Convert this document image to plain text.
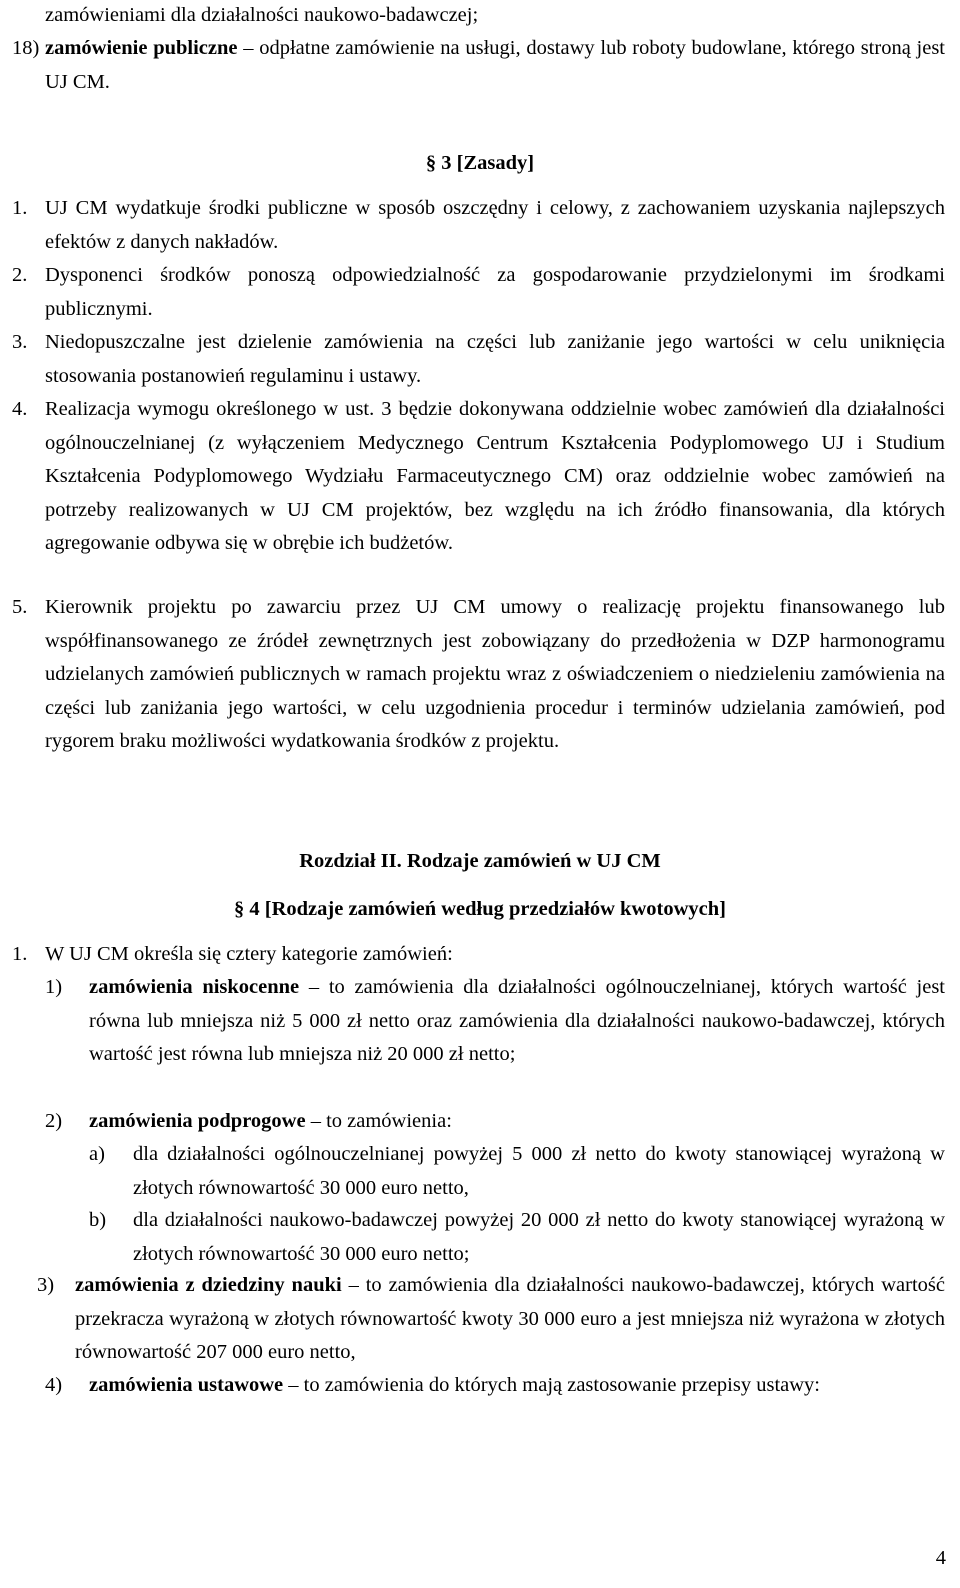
zamówieniami dla działalności naukowo-badawczej;
18) zamówienie publiczne – odpłatne zamówienie na usługi, dostawy lub roboty budowlane, którego stroną jest UJ CM.
§ 3 [Zasady]
1. UJ CM wydatkuje środki publiczne w sposób oszczędny i celowy, z zachowaniem uzyskania najlepszych efektów z danych nakładów.
2. Dysponenci środków ponoszą odpowiedzialność za gospodarowanie przydzielonymi im środkami publicznymi.
3. Niedopuszczalne jest dzielenie zamówienia na części lub zaniżanie jego wartości w celu uniknięcia stosowania postanowień regulaminu i ustawy.
4. Realizacja wymogu określonego w ust. 3 będzie dokonywana oddzielnie wobec zamówień dla działalności ogólnouczelnianej (z wyłączeniem Medycznego Centrum Kształcenia Podyplomowego UJ i Studium Kształcenia Podyplomowego Wydziału Farmaceutycznego CM) oraz oddzielnie wobec zamówień na potrzeby realizowanych w UJ CM projektów, bez względu na ich źródło finansowania, dla których agregowanie odbywa się w obrębie ich budżetów.
5. Kierownik projektu po zawarciu przez UJ CM umowy o realizację projektu finansowanego lub współfinansowanego ze źródeł zewnętrznych jest zobowiązany do przedłożenia w DZP harmonogramu udzielanych zamówień publicznych w ramach projektu wraz z oświadczeniem o niedzieleniu zamówienia na części lub zaniżania jego wartości, w celu uzgodnienia procedur i terminów udzielania zamówień, pod rygorem braku możliwości wydatkowania środków z projektu.
Rozdział II. Rodzaje zamówień w UJ CM
§ 4 [Rodzaje zamówień według przedziałów kwotowych]
1. W UJ CM określa się cztery kategorie zamówień:
1) zamówienia niskocenne – to zamówienia dla działalności ogólnouczelnianej, których wartość jest równa lub mniejsza niż 5 000 zł netto oraz zamówienia dla działalności naukowo-badawczej, których wartość jest równa lub mniejsza niż 20 000 zł netto;
2) zamówienia podprogowe – to zamówienia:
a) dla działalności ogólnouczelnianej powyżej 5 000 zł netto do kwoty stanowiącej wyrażoną w złotych równowartość 30 000 euro netto,
b) dla działalności naukowo-badawczej powyżej 20 000 zł netto do kwoty stanowiącej wyrażoną w złotych równowartość 30 000 euro netto;
3) zamówienia z dziedziny nauki – to zamówienia dla działalności naukowo-badawczej, których wartość przekracza wyrażoną w złotych równowartość kwoty 30 000 euro a jest mniejsza niż wyrażona w złotych równowartość 207 000 euro netto,
4) zamówienia ustawowe – to zamówienia do których mają zastosowanie przepisy ustawy:
4
